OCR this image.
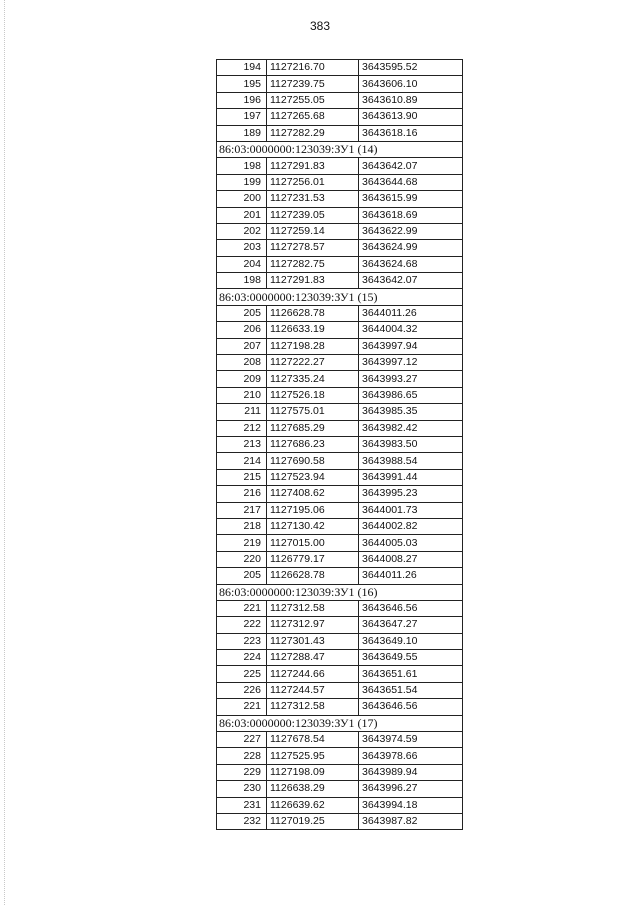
383
194	1127216.70	3643595.52
195	1127239.75	3643606.10
196	1127255.05	3643610.89
197	1127265.68	3643613.90
189	1127282.29	3643618.16
86:03:0000000:123039:ЗУ1 (14)		
198	1127291.83	3643642.07
199	1127256.01	3643644.68
200	1127231.53	3643615.99
201	1127239.05	3643618.69
202	1127259.14	3643622.99
203	1127278.57	3643624.99
204	1127282.75	3643624.68
198	1127291.83	3643642.07
86:03:0000000:123039:ЗУ1 (15)		
205	1126628.78	3644011.26
206	1126633.19	3644004.32
207	1127198.28	3643997.94
208	1127222.27	3643997.12
209	1127335.24	3643993.27
210	1127526.18	3643986.65
211	1127575.01	3643985.35
212	1127685.29	3643982.42
213	1127686.23	3643983.50
214	1127690.58	3643988.54
215	1127523.94	3643991.44
216	1127408.62	3643995.23
217	1127195.06	3644001.73
218	1127130.42	3644002.82
219	1127015.00	3644005.03
220	1126779.17	3644008.27
205	1126628.78	3644011.26
86:03:0000000:123039:ЗУ1 (16)		
221	1127312.58	3643646.56
222	1127312.97	3643647.27
223	1127301.43	3643649.10
224	1127288.47	3643649.55
225	1127244.66	3643651.61
226	1127244.57	3643651.54
221	1127312.58	3643646.56
86:03:0000000:123039:ЗУ1 (17)		
227	1127678.54	3643974.59
228	1127525.95	3643978.66
229	1127198.09	3643989.94
230	1126638.29	3643996.27
231	1126639.62	3643994.18
232	1127019.25	3643987.82
